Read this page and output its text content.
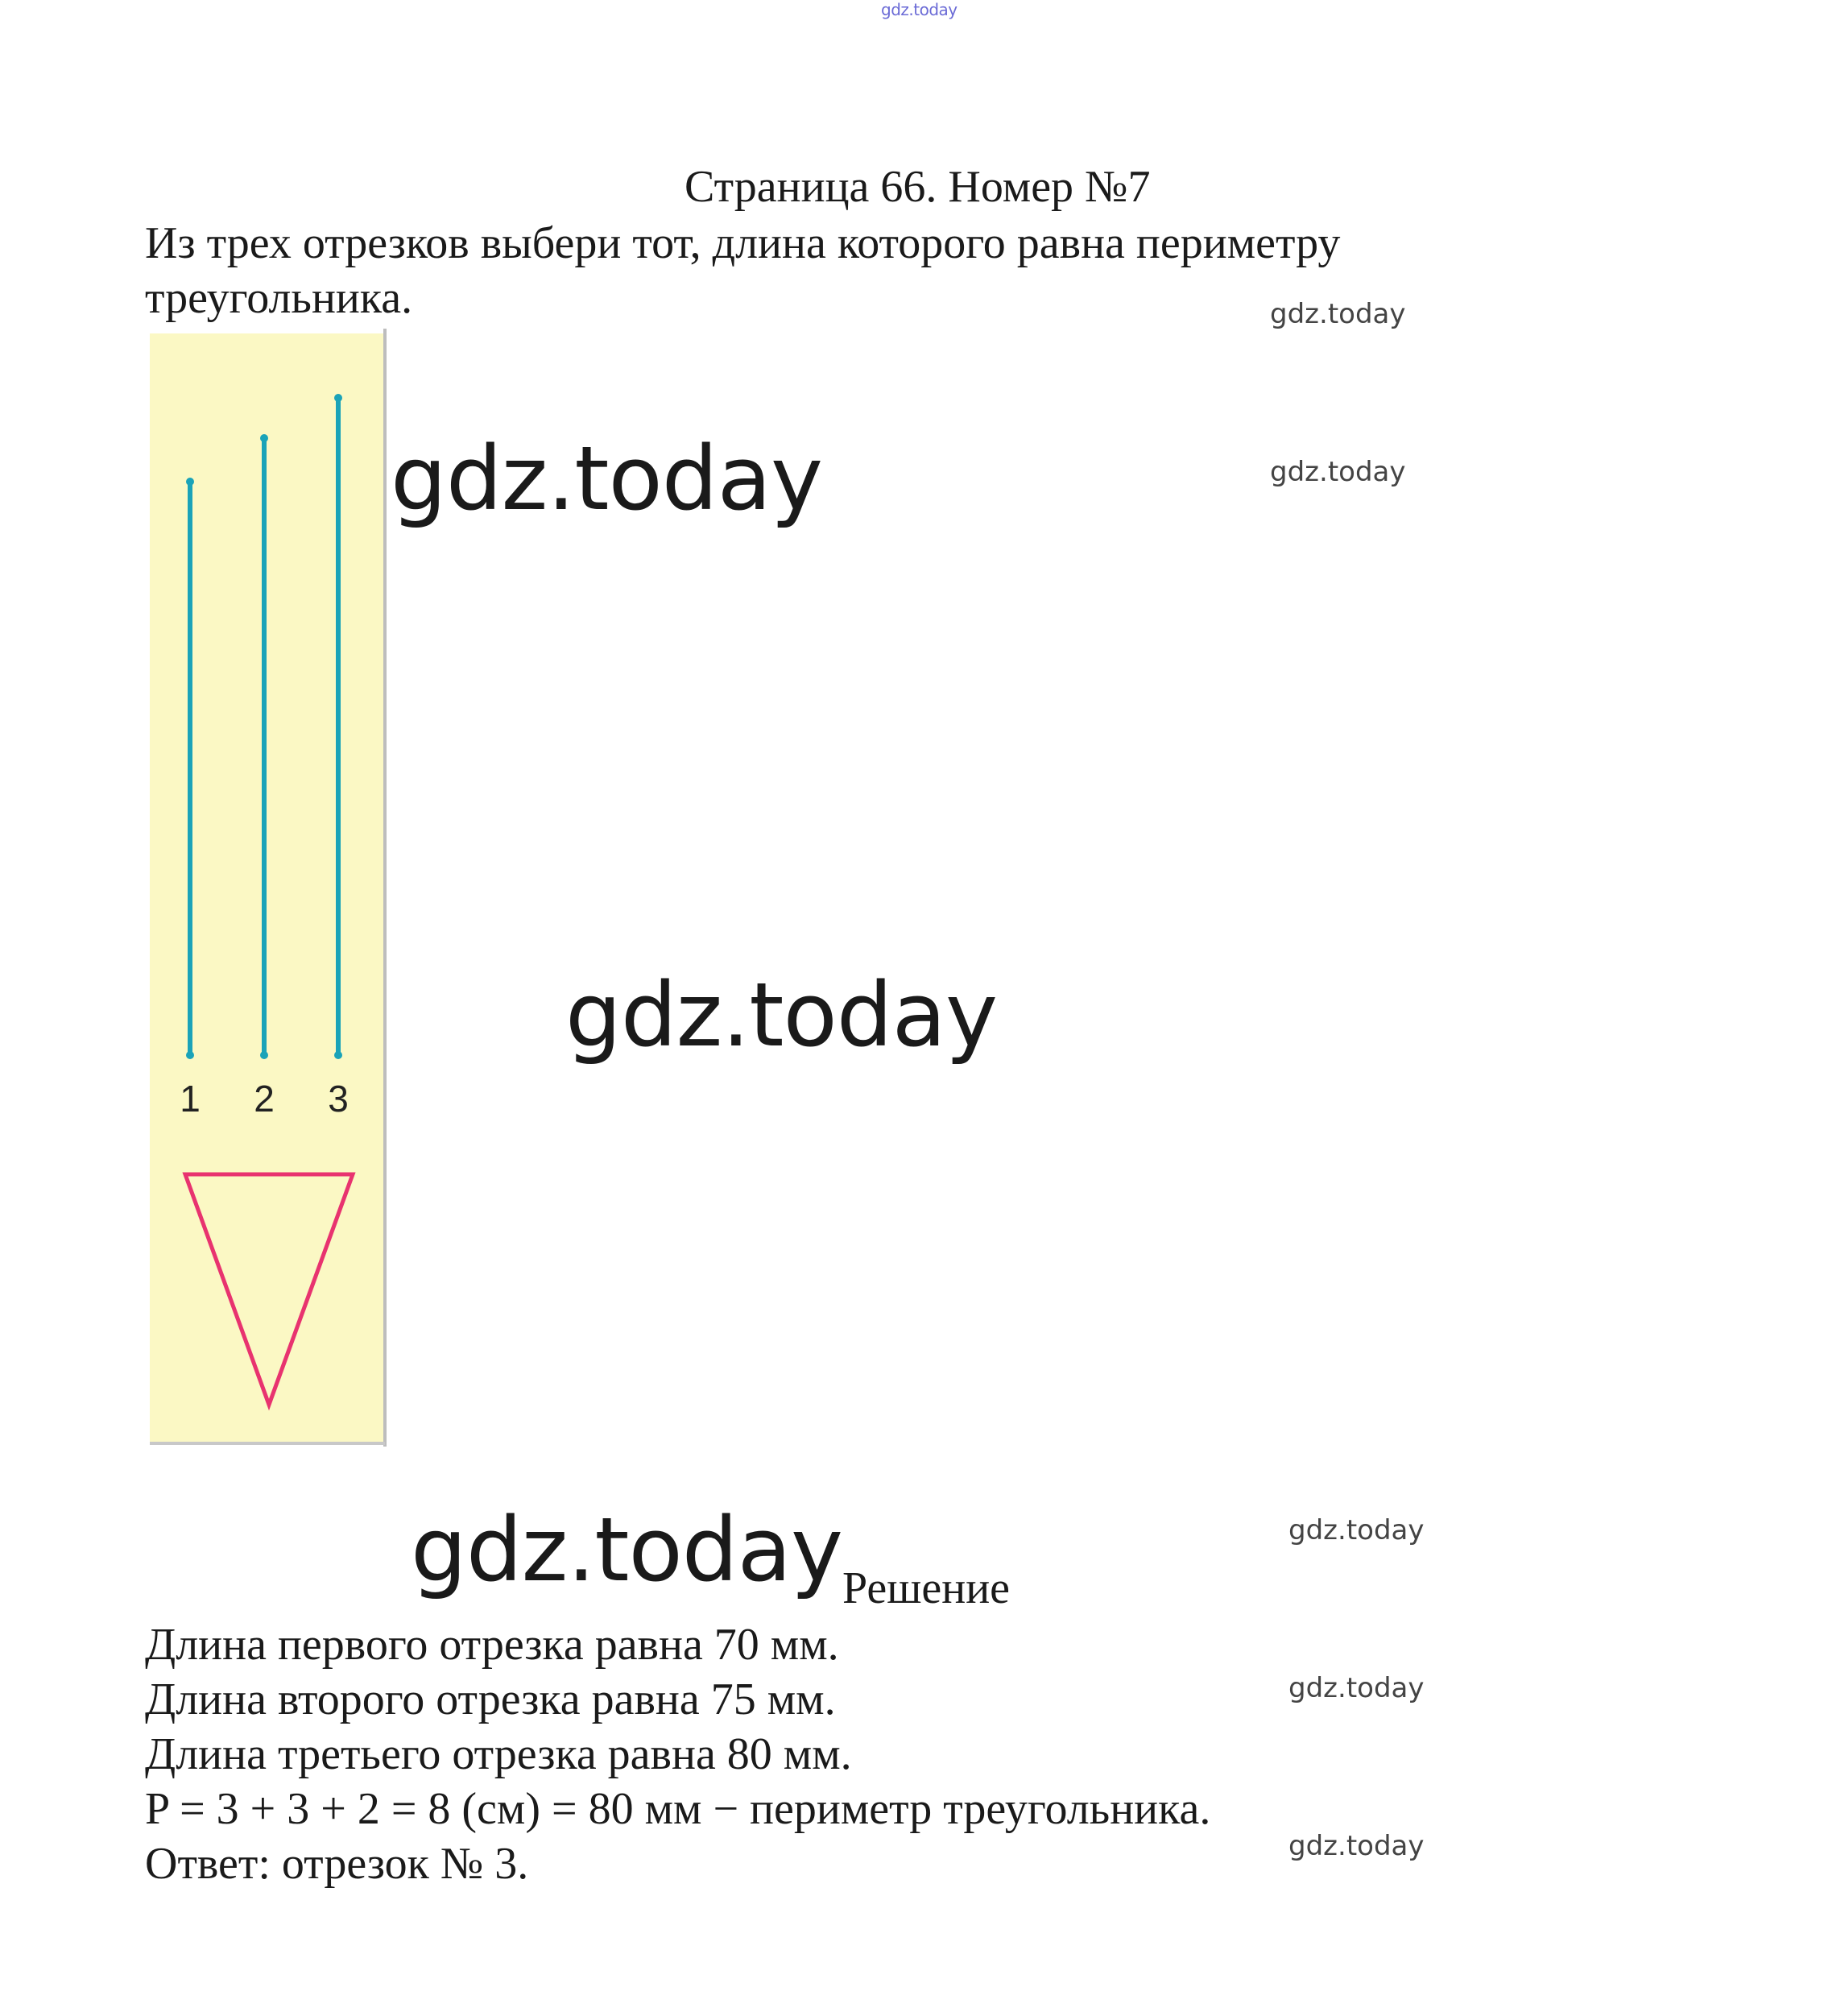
gdz.today
Страница 66. Номер №7
Из трех отрезков выбери тот, длина которого равна периметру треугольника.	gdz.today
gdz.today
gdz.today
gdz.today
gdz.today
gdz.today
gdz.today
gdz.today
1 2 3
Решение
Длина первого отрезка равна 70 мм.
Длина второго отрезка равна 75 мм.
Длина третьего отрезка равна 80 мм.
P = 3 + 3 + 2 = 8 (см) = 80 мм − периметр треугольника.
Ответ: отрезок № 3.
